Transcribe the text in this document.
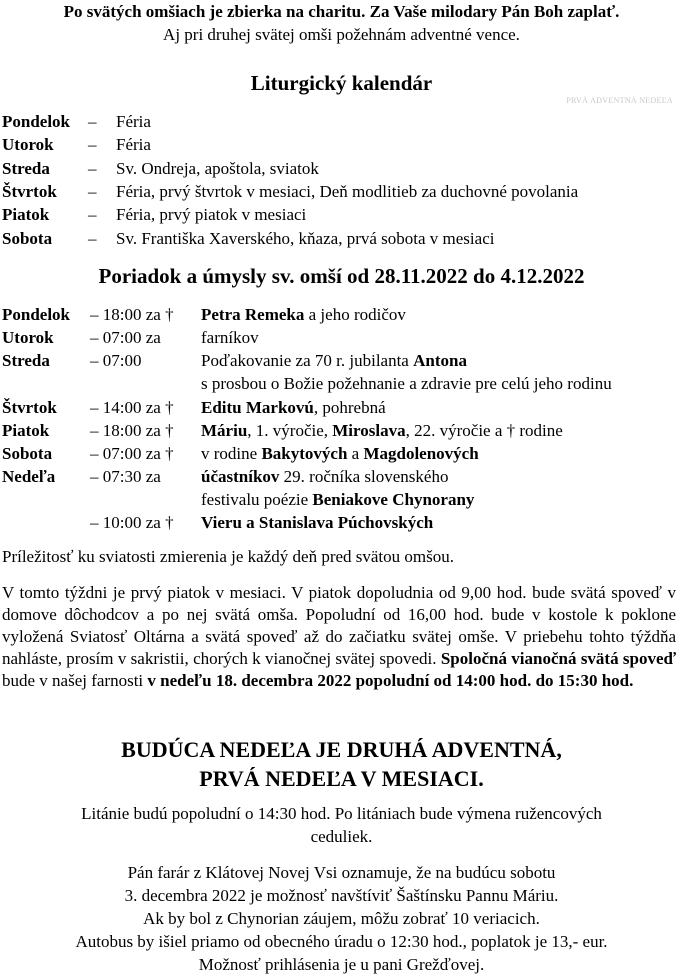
Po svätých omšiach je zbierka na charitu. Za Vaše milodary Pán Boh zaplať.
Aj pri druhej svätej omši požehnám adventné vence.
Liturgický kalendár
PRVÁ ADVENTNÁ NEDEĽA
Pondelok – Féria
Utorok – Féria
Streda – Sv. Ondreja, apoštola, sviatok
Štvrtok – Féria, prvý štvrtok v mesiaci, Deň modlitieb za duchovné povolania
Piatok – Féria, prvý piatok v mesiaci
Sobota – Sv. Františka Xaverského, kňaza, prvá sobota v mesiaci
Poriadok a úmysly sv. omší od 28.11.2022 do 4.12.2022
Pondelok – 18:00 za † Petra Remeka a jeho rodičov
Utorok – 07:00 za farníkov
Streda – 07:00	Poďakovanie za 70 r. jubilanta Antona
s prosbou o Božie požehnanie a zdravie pre celú jeho rodinu
Štvrtok – 14:00 za † Editu Markovú, pohrebná
Piatok – 18:00 za † Máriu, 1. výročie, Miroslava, 22. výročie a † rodine
Sobota – 07:00 za † v rodine Bakytových a Magdolenových
Nedeľa – 07:30 za účastníkov 29. ročníka slovenského
festivalu poézie Beniakove Chynorany
– 10:00 za † Vieru a Stanislava Púchovských
Príležitosť ku sviatosti zmierenia je každý deň pred svätou omšou.
V tomto týždni je prvý piatok v mesiaci. V piatok dopoludnia od 9,00 hod. bude svätá spoveď v domove dôchodcov a po nej svätá omša. Popoludní od 16,00 hod. bude v kostole k poklone vyložená Sviatosť Oltárna a svätá spoveď až do začiatku svätej omše. V priebehu tohto týždňa nahláste, prosím v sakristii, chorých k vianočnej svätej spovedi. Spoločná vianočná svätá spoveď bude v našej farnosti v nedeľu 18. decembra 2022 popoludní od 14:00 hod. do 15:30 hod.
BUDÚCA NEDEĽA JE DRUHÁ ADVENTNÁ,
PRVÁ NEDEĽA V MESIACI.
Litánie budú popoludní o 14:30 hod. Po litániach bude výmena ružencových
ceduliek.
Pán farár z Klátovej Novej Vsi oznamuje, že na budúcu sobotu
3. decembra 2022 je možnosť navštíviť Šaštínsku Pannu Máriu.
Ak by bol z Chynorian záujem, môžu zobrať 10 veriacich.
Autobus by išiel priamo od obecného úradu o 12:30 hod., poplatok je 13,- eur.
Možnosť prihlásenia je u pani Grežďovej.
